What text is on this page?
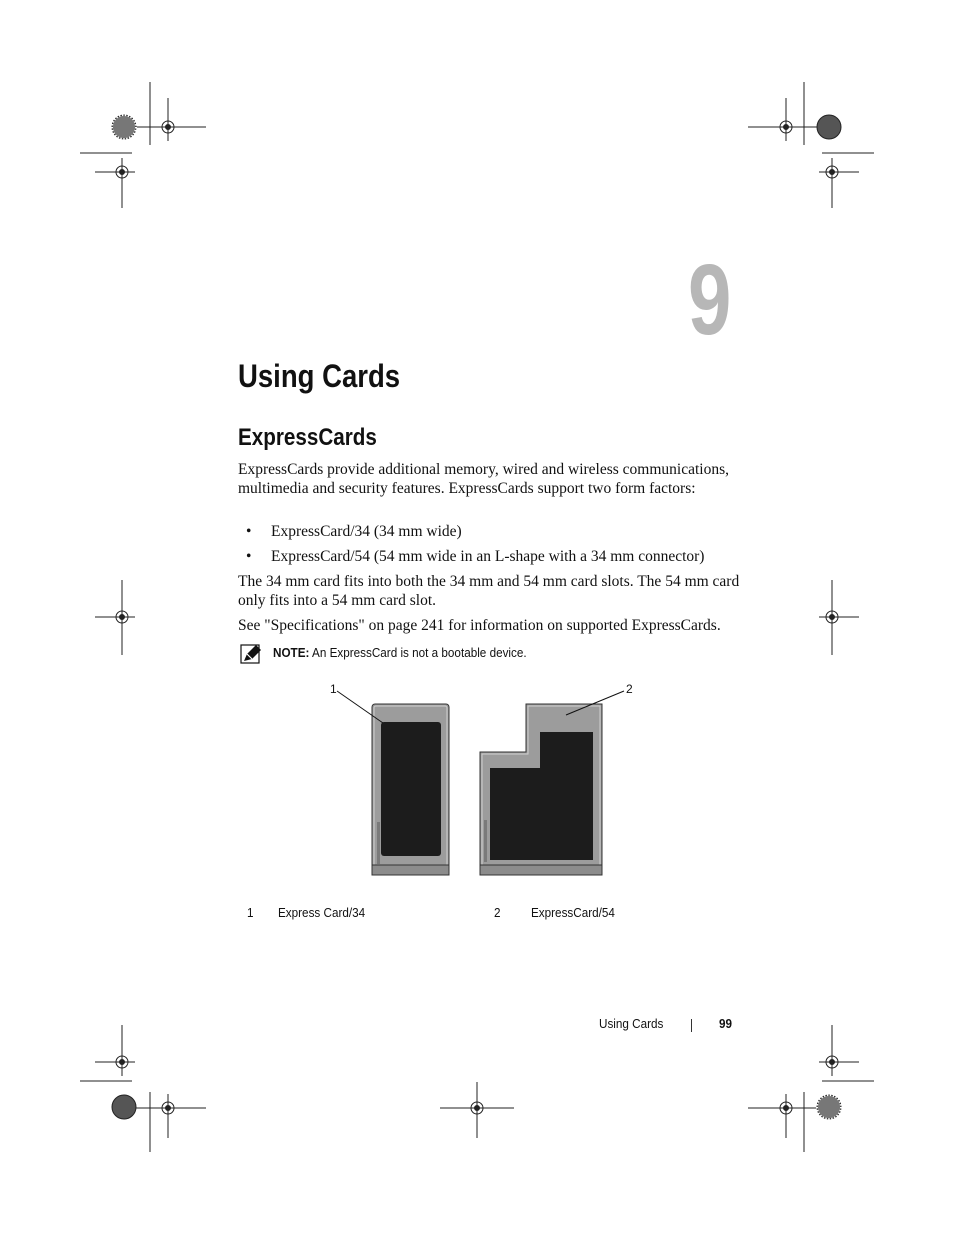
9
Using Cards
ExpressCards
ExpressCards provide additional memory, wired and wireless communications, multimedia and security features. ExpressCards support two form factors:
• ExpressCard/34 (34 mm wide)
• ExpressCard/54 (54 mm wide in an L-shape with a 34 mm connector)
The 34 mm card fits into both the 34 mm and 54 mm card slots. The 54 mm card only fits into a 54 mm card slot.
See "Specifications" on page 241 for information on supported ExpressCards.
NOTE: An ExpressCard is not a bootable device.
1	2
1 Express Card/34	2 ExpressCard/54
Using Cards	99
